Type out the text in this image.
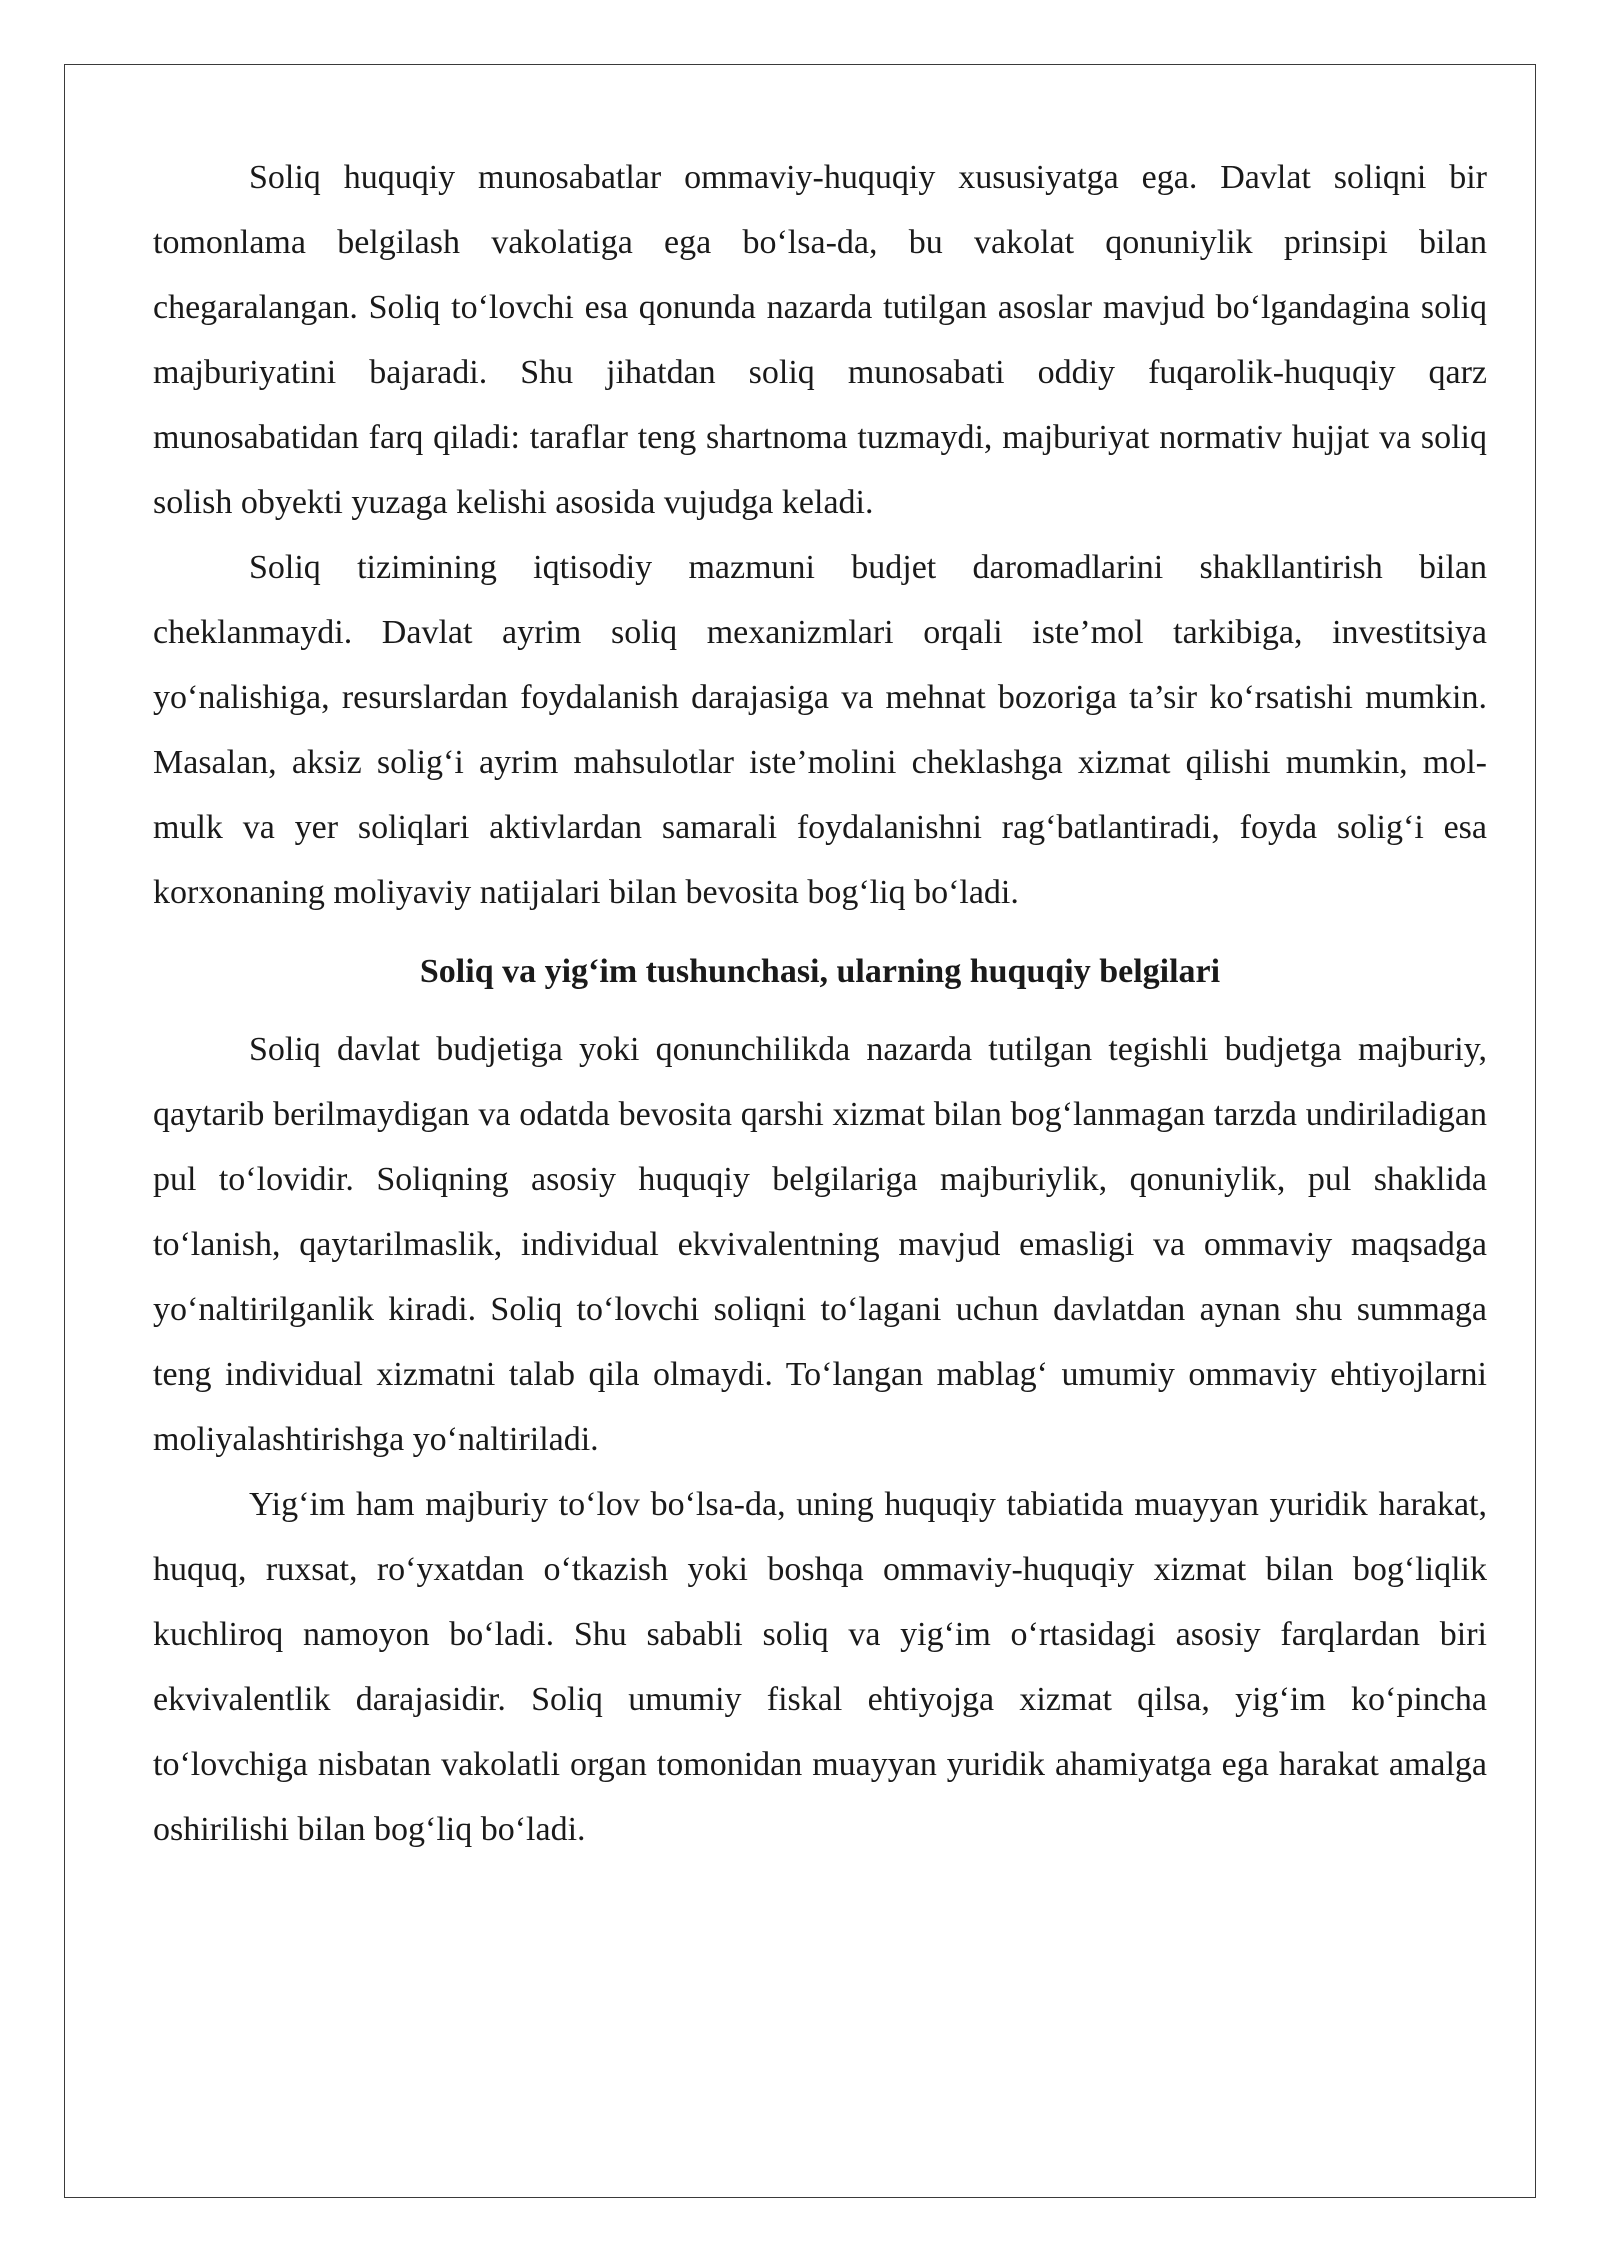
Soliq huquqiy munosabatlar ommaviy-huquqiy xususiyatga ega. Davlat soliqni bir tomonlama belgilash vakolatiga ega bo‘lsa-da, bu vakolat qonuniylik prinsipi bilan chegaralangan. Soliq to‘lovchi esa qonunda nazarda tutilgan asoslar mavjud bo‘lgandagina soliq majburiyatini bajaradi. Shu jihatdan soliq munosabati oddiy fuqarolik-huquqiy qarz munosabatidan farq qiladi: taraflar teng shartnoma tuzmaydi, majburiyat normativ hujjat va soliq solish obyekti yuzaga kelishi asosida vujudga keladi.

Soliq tizimining iqtisodiy mazmuni budjet daromadlarini shakllantirish bilan cheklanmaydi. Davlat ayrim soliq mexanizmlari orqali iste’mol tarkibiga, investitsiya yo‘nalishiga, resurslardan foydalanish darajasiga va mehnat bozoriga ta’sir ko‘rsatishi mumkin. Masalan, aksiz solig‘i ayrim mahsulotlar iste’molini cheklashga xizmat qilishi mumkin, mol-mulk va yer soliqlari aktivlardan samarali foydalanishni rag‘batlantiradi, foyda solig‘i esa korxonaning moliyaviy natijalari bilan bevosita bog‘liq bo‘ladi.

Soliq va yig‘im tushunchasi, ularning huquqiy belgilari

Soliq davlat budjetiga yoki qonunchilikda nazarda tutilgan tegishli budjetga majburiy, qaytarib berilmaydigan va odatda bevosita qarshi xizmat bilan bog‘lanmagan tarzda undiriladigan pul to‘lovidir. Soliqning asosiy huquqiy belgilariga majburiylik, qonuniylik, pul shaklida to‘lanish, qaytarilmaslik, individual ekvivalentning mavjud emasligi va ommaviy maqsadga yo‘naltirilganlik kiradi. Soliq to‘lovchi soliqni to‘lagani uchun davlatdan aynan shu summaga teng individual xizmatni talab qila olmaydi. To‘langan mablag‘ umumiy ommaviy ehtiyojlarni moliyalashtirishga yo‘naltiriladi.

Yig‘im ham majburiy to‘lov bo‘lsa-da, uning huquqiy tabiatida muayyan yuridik harakat, huquq, ruxsat, ro‘yxatdan o‘tkazish yoki boshqa ommaviy-huquqiy xizmat bilan bog‘liqlik kuchliroq namoyon bo‘ladi. Shu sababli soliq va yig‘im o‘rtasidagi asosiy farqlardan biri ekvivalentlik darajasidir. Soliq umumiy fiskal ehtiyojga xizmat qilsa, yig‘im ko‘pincha to‘lovchiga nisbatan vakolatli organ tomonidan muayyan yuridik ahamiyatga ega harakat amalga oshirilishi bilan bog‘liq bo‘ladi.
